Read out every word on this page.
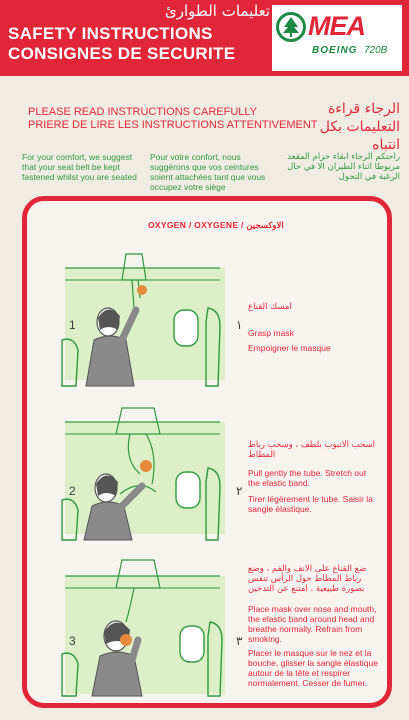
تعليمات الطوارئ
SAFETY INSTRUCTIONS
CONSIGNES DE SECURITE
MEA
BOEING 720B
PLEASE READ INSTRUCTIONS CAREFULLY
PRIERE DE LIRE LES INSTRUCTIONS ATTENTIVEMENT
الرجاء قراءة التعليمات بكل انتباه
For your comfort, we suggest that your seat belt be kept fastened whilst you are seated
Pour votre confort, nous suggérons que vos ceintures soient attachées tant que vous occupez votre siège
راحتكم الرجاء ابقاء حزام المقعد مربوطا اثناء الطيران الا في حال الرغبة في التجول
OXYGEN / OXYGENE / الاوكسجين
1	١
امسك القناع
Grasp mask
Empoigner le masque
2	٢
اسحب الانبوب بلطف ، وسحب رباط المطاط
Pull gently the tube. Stretch out the elastic band.
Tirer légèrement le tube. Saisir la sangle élastique.
3	٣
ضع القناع على الانف والفم ، وضع رباط المطاط حول الرأس تنفس بصورة طبيعية . امتنع عن التدخين
Place mask over nose and mouth, the elastic band around head and breathe normally. Refrain from smoking.
Placer le masque sur le nez et la bouche, glisser la sangle élastique autour de la tête et respirer normalement. Cesser de fumer.
